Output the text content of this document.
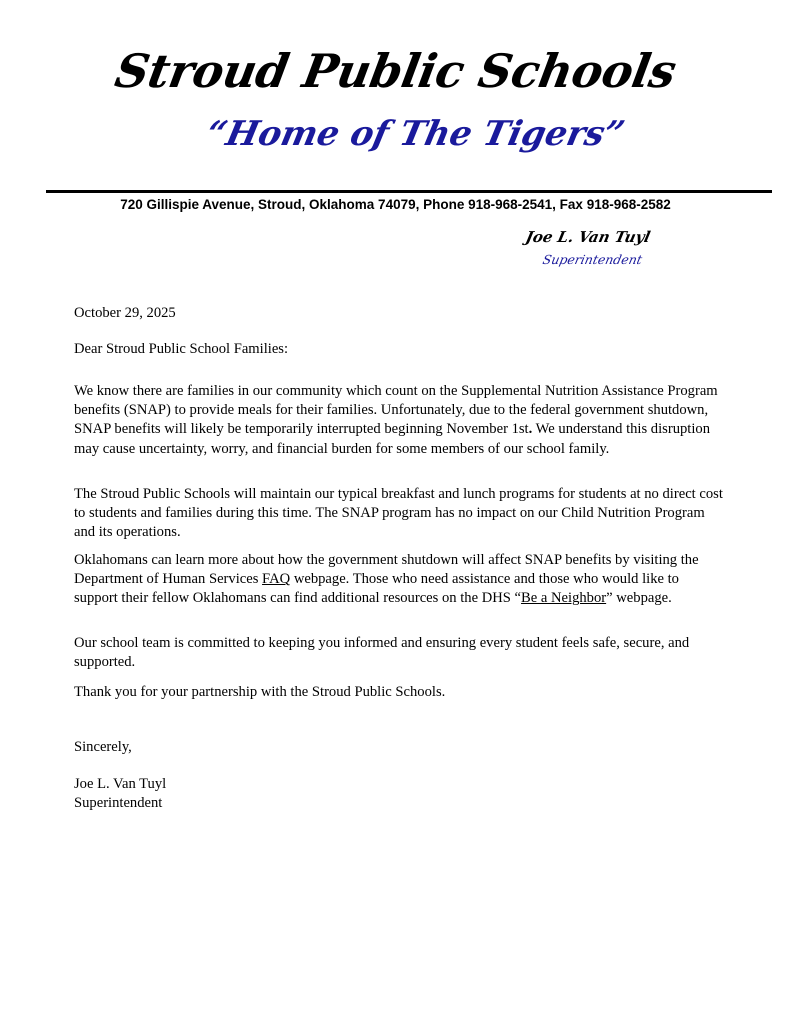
Stroud Public Schools
“Home of The Tigers”
720 Gillispie Avenue, Stroud, Oklahoma 74079, Phone 918-968-2541, Fax 918-968-2582
Joe L. Van Tuyl
Superintendent
October 29, 2025
Dear Stroud Public School Families:

We know there are families in our community which count on the Supplemental Nutrition Assistance Program benefits (SNAP) to provide meals for their families. Unfortunately, due to the federal government shutdown, SNAP benefits will likely be temporarily interrupted beginning November 1st. We understand this disruption may cause uncertainty, worry, and financial burden for some members of our school family.

The Stroud Public Schools will maintain our typical breakfast and lunch programs for students at no direct cost to students and families during this time. The SNAP program has no impact on our Child Nutrition Program and its operations.

Oklahomans can learn more about how the government shutdown will affect SNAP benefits by visiting the Department of Human Services FAQ webpage. Those who need assistance and those who would like to support their fellow Oklahomans can find additional resources on the DHS “Be a Neighbor” webpage.

Our school team is committed to keeping you informed and ensuring every student feels safe, secure, and supported.

Thank you for your partnership with the Stroud Public Schools.

Sincerely,
Joe L. Van Tuyl
Superintendent
